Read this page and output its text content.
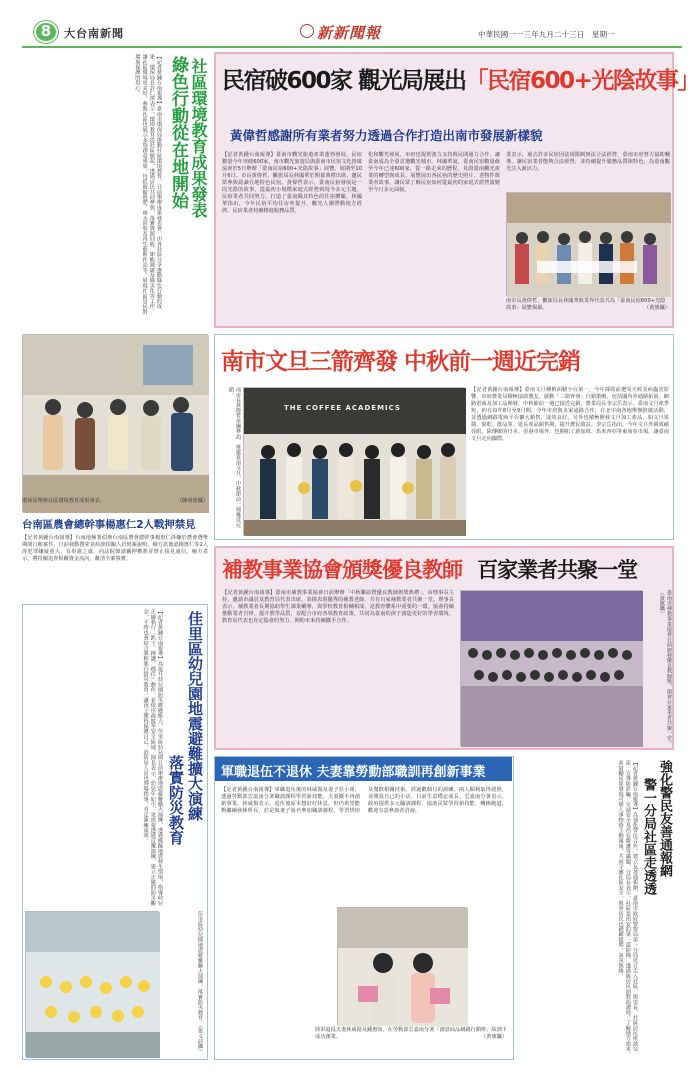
8	大台南新聞	新新聞報	中華民國一一三年九月二十三日　星期一
【記者黃鍾台南報導】臺南市環保局推動社區環境教育，日前舉辦成果發表會，由各社區分享推動綠色行動的成果。環保局長許仁澤表示，環境教育從社區做起，透過居民共同參與，落實資源回收、節能減碳及綠美化等工作，讓社區環境更美好。參與社區也展示多項創意成果，包括廚餘堆肥、雨水回收及再生藝術作品等，展現社區居民對環境保護的用心。	綠色行動從在地開始 社區環境教育成果發表
環保局舉辦社區環境教育成果發表。	（陳靖蓉攝）
台南區農會總幹事楊惠仁2人戰押禁見
【記者黃鍾台南報導】台南地檢署偵辦台南區農會總幹事楊惠仁涉嫌於農會選舉期間行賄案件，日前發動搜索並約談相關人員到案說明，檢方訊後認楊惠仁等2人涉犯罪嫌疑重大，有串證之虞，向法院聲請羈押獲准並禁止接見通信。檢方表示，將持續追查相關資金流向，釐清全案事實。
佳里區幼兒園地震避難擴大演練
落實防災教育
【記者黃鍾台南報導】為提升幼兒園防災應變能力，佳里區幼兒園日前舉辦地震避難擴大演練，透過模擬地震發生情境，指導幼兒正確執行「趴下、掩護、穩住」動作，並依序疏散至安全區域。園長表示，幼兒年紀小，更需要透過反覆演練，建立正確的防災觀念，平時也會結合課程進行防災教育，讓孩子懂得保護自己。消防局人員也到場指導，肯定演練成果。
佳里區幼兒園地震避難擴大演練，落實防災教育。（張文詩攝）
民宿破600家 觀光局展出「民宿600+光陰故事」
黃偉哲感謝所有業者努力透過合作打造出南市發展新樣貌
【記者黃鍾台南報導】臺南市觀光旅遊產業蓬勃發展，民宿數量今年突破600家，南市觀光旅遊局與臺南市民宿文化推廣協會於5日舉辦「臺南民宿600+光陰故事」展覽，展期至10月6日。市長黃偉哲、觀旅局長林國華於開幕典禮出席，邀民眾參與認識在地特色民宿。黃偉哲表示，臺南民宿發展是一段光陰的故事，從最初小規模家庭式經營到現今多元主題，民宿業者共同努力，打造了臺南獨具特色的住宿體驗。林國華指出，今年民宿平均住房率提升，觀光人潮帶動地方經濟，民宿業者持續精進服務品質。
化和觀光發展，市府也提供強力支持與民間通力合作，讓臺南成為全臺首選觀光城市。林國華說，臺南民宿數量截至今年已達600家，從一路走來的歷程，見證臺南觀光產業的轉型與成長。展覽展出各民宿的歷史照片、老物件與業者故事，讓民眾了解民宿如何從最初的家庭式經營演變至今日多元面貌。
業表示，過去許多民宿因法規限制無法合法經營，臺南市府努力協助輔導，讓民宿業者能夠合法經營，並持續提升服務品質與特色，為臺南觀光注入新活力。
南市長黃偉哲、觀旅局長林國華與業界代表共為「臺南民宿600+光陰故事」展覽揭幕。	（黃旗攝）
南市文旦三箭齊發 中秋前一週近完銷
南市長黃偉哲率團參訪、推廣臺南文旦，中秋節前一週幾近完銷。
THE COFFEE ACADEMICS
【記者黃鍾台南報導】臺南文旦種植面積全台第一，今年採收前遭受天候及病蟲害影響，市府農業局積極協助農友，啟動「三箭齊發」行銷策略，包括國內外通路拓展、網路電商及加工品開發，中秋節前一週已接近完銷。農業局長李宗岳表示，臺南文旦產季短，約在每年8月至9月間，今年市府與多家通路合作，在北中南各地舉辦推廣活動，並透過網路電商平台擴大銷售，成效良好。另外也積極開發文旦加工產品，如文旦果醬、果乾、飲品等，延長產品銷售期，提升農民收益。李宗岳指出，今年文旦外銷成績亮眼，除傳統的日本、香港市場外，也開拓了新加坡、馬來西亞等東南亞市場，讓臺南文旦走向國際。
補教事業協會頒獎優良教師 百家業者共聚一堂
【記者黃鍾台南報導】臺南市補教事業協會日前舉辦「中秋聯誼暨優良教師頒獎典禮」，由理事長主持，邀請市議員及教育局代表出席，表揚表現優秀的補教老師，共有百家補教業者共聚一堂。理事長表示，補教業者長期協助學生課業輔導，與學校教育相輔相成，是教育體系中重要的一環。協會持續推動業者自律，提升教學品質，並配合市府各項教育政策，共同為臺南的孩子創造更好的學習環境。教育局代表也肯定協會的努力，期盼未來持續攜手合作。	臺南市補教事業協會日前頒發優良教師獎，與會百家業者共聚一堂。（黃旗攝）
軍職退伍不退休 夫妻靠勞動部職訓再創新事業
【記者黃鍾台南報導】軍職退伍後的林威揚及妻子莊小姐，透過勞動部雲嘉南分署職訓課程學習新技能，夫妻攜手再創新事業。林威揚表示，退伍後原本想好好休息，但仍希望能夠繼續發揮所長，於是與妻子報名參加職訓課程，學習烘焙及餐飲相關技術。經過數個月的訓練，兩人順利取得證照，並開設自己的小店，目前生意穩定成長。雲嘉南分署表示，政府提供多元職訓課程，協助民眾學習新技能、轉換跑道，歡迎有意參訓者洽詢。
陸軍退役夫妻林威揚及鍾惠如，在勞動部雲嘉南分署「創意商品網路行銷班」結訓下成功創業。	（黃旗攝）
強化警民友善通報網
警一分局社區走透透
【記者黃鍾台南報導】為強化警民合作，建立友善通報網，臺南市政府警察局第一分局近日走入社區，與里長、社區居民座談交流，宣導防詐騙、交通安全及治安維護等議題。分局長表示，社區是治安的第一道防線，透過與居民面對面溝通，了解地方需求，並鼓勵民眾發現可疑人事物時主動通報，共同守護社區安全。與會居民也踴躍提問，氣氛熱絡。
